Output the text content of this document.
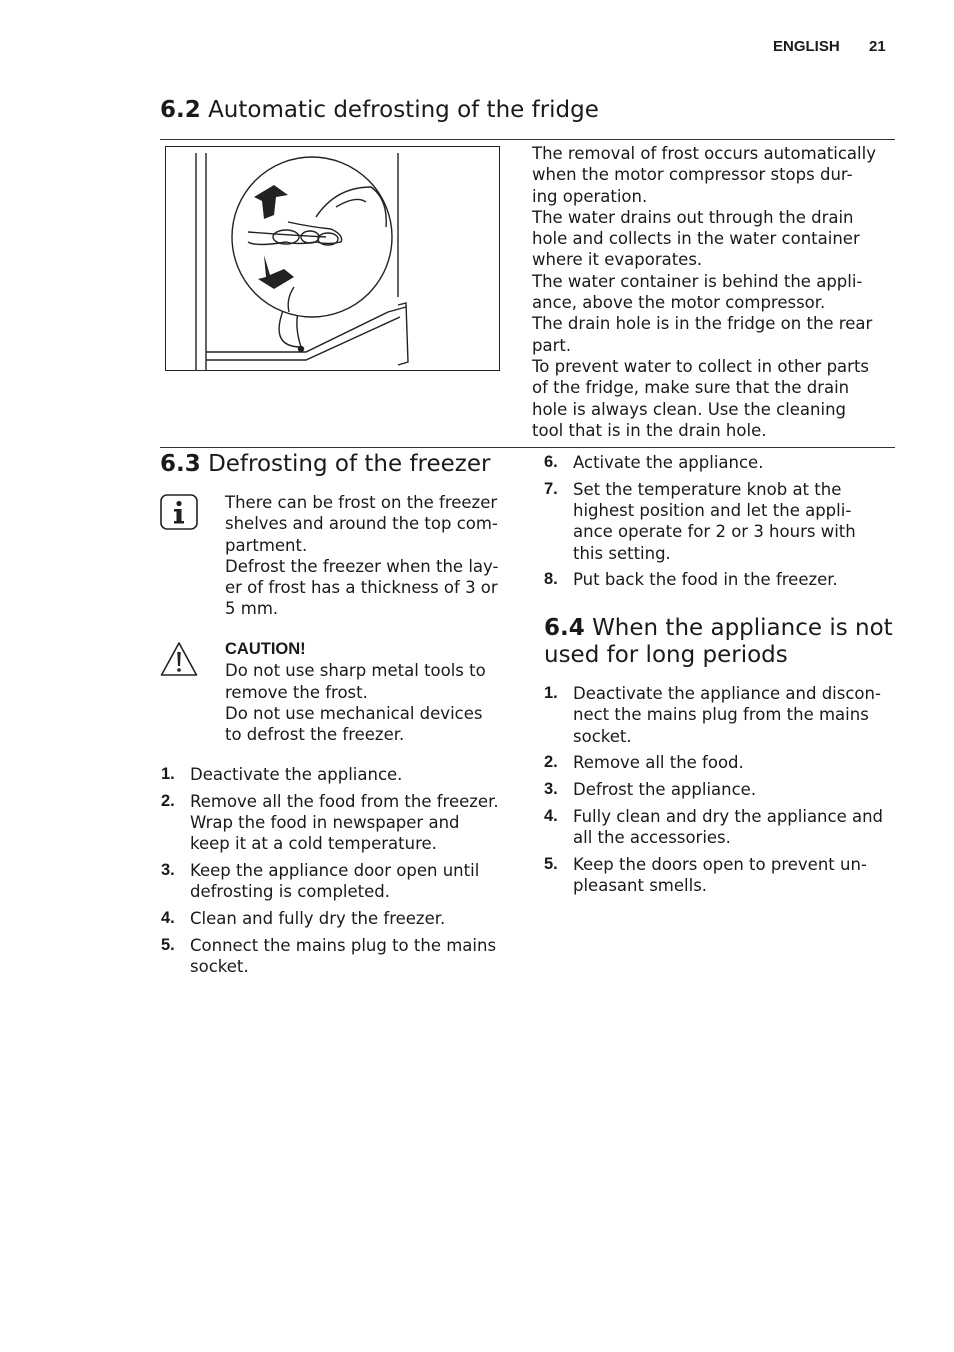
ENGLISH 21
6.2 Automatic defrosting of the fridge

The removal of frost occurs automatically

when the motor compressor stops dur-

ing operation.

The water drains out through the drain

hole and collects in the water container

where it evaporates.

The water container is behind the appli-

ance, above the motor compressor.

The drain hole is in the fridge on the rear

part.

To prevent water to collect in other parts

of the fridge, make sure that the drain

hole is always clean. Use the cleaning

tool that is in the drain hole.

6.3 Defrosting of the freezer

There can be frost on the freezer

shelves and around the top com-

partment.

Defrost the freezer when the lay-

er of frost has a thickness of 3 or

5 mm.

CAUTION!

Do not use sharp metal tools to

remove the frost.

Do not use mechanical devices

to defrost the freezer.

1. Deactivate the appliance.
2. Remove all the food from the freezer.
Wrap the food in newspaper and
keep it at a cold temperature.
3. Keep the appliance door open until
defrosting is completed.
4. Clean and fully dry the freezer.
5. Connect the mains plug to the mains
socket.
6. Activate the appliance.
7. Set the temperature knob at the
highest position and let the appli-
ance operate for 2 or 3 hours with
this setting.
8. Put back the food in the freezer.
6.4 When the appliance is not
used for long periods
1. Deactivate the appliance and discon-
nect the mains plug from the mains
socket.
2. Remove all the food.
3. Defrost the appliance.
4. Fully clean and dry the appliance and
all the accessories.
5. Keep the doors open to prevent un-
pleasant smells.
